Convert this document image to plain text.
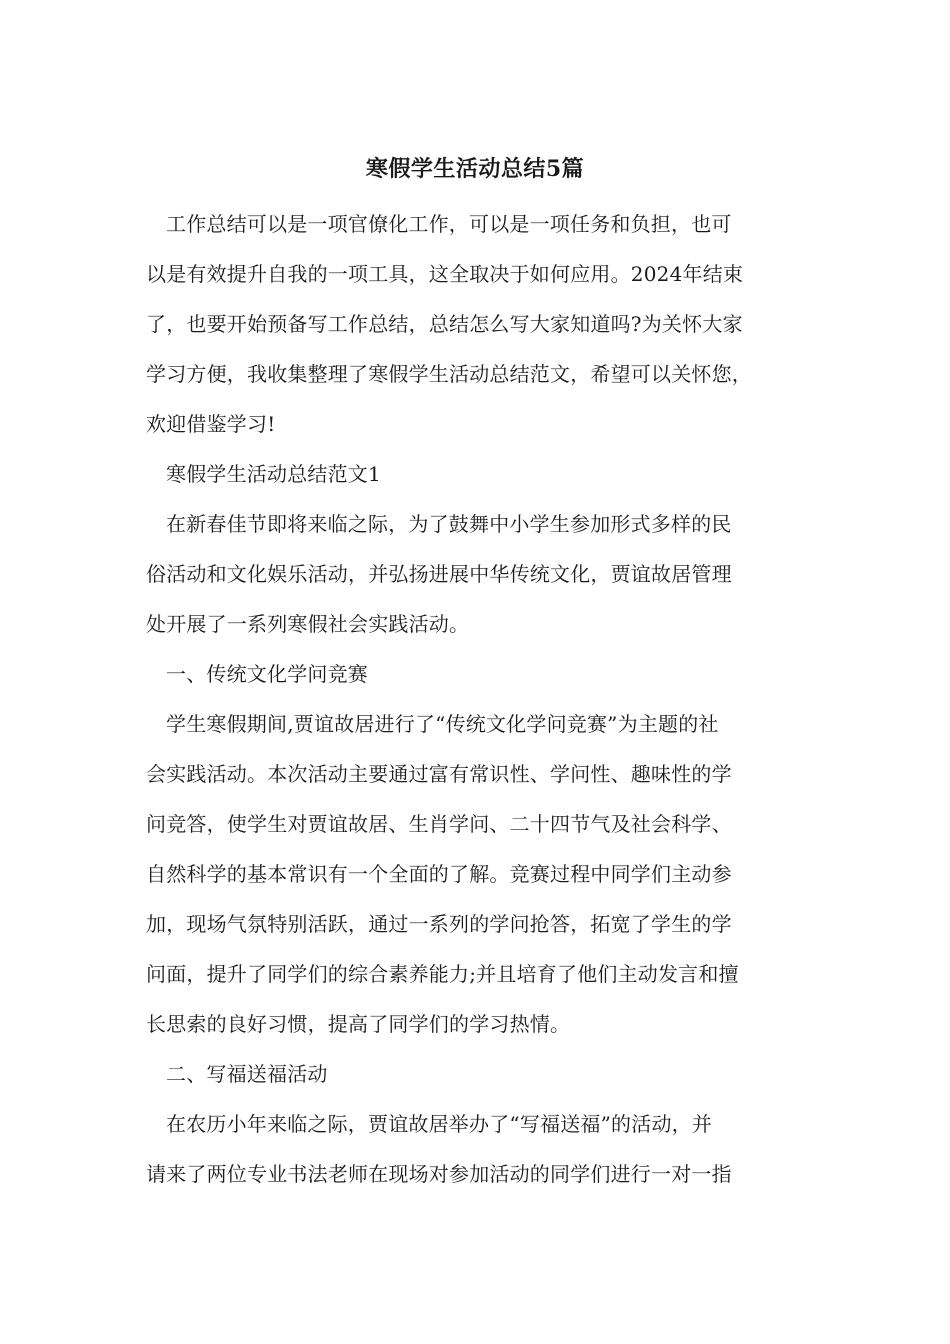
寒假学生活动总结5篇
工作总结可以是一项官僚化工作，可以是一项任务和负担，也可
以是有效提升自我的一项工具，这全取决于如何应用。2024年结束
了，也要开始预备写工作总结，总结怎么写大家知道吗?为关怀大家
学习方便，我收集整理了寒假学生活动总结范文，希望可以关怀您，
欢迎借鉴学习!
寒假学生活动总结范文1
在新春佳节即将来临之际，为了鼓舞中小学生参加形式多样的民
俗活动和文化娱乐活动，并弘扬进展中华传统文化，贾谊故居管理
处开展了一系列寒假社会实践活动。
一、传统文化学问竞赛
学生寒假期间,贾谊故居进行了“传统文化学问竞赛”为主题的社
会实践活动。本次活动主要通过富有常识性、学问性、趣味性的学
问竞答，使学生对贾谊故居、生肖学问、二十四节气及社会科学、
自然科学的基本常识有一个全面的了解。竞赛过程中同学们主动参
加，现场气氛特别活跃，通过一系列的学问抢答，拓宽了学生的学
问面，提升了同学们的综合素养能力;并且培育了他们主动发言和擅
长思索的良好习惯，提高了同学们的学习热情。
二、写福送福活动
在农历小年来临之际，贾谊故居举办了“写福送福”的活动，并
请来了两位专业书法老师在现场对参加活动的同学们进行一对一指
